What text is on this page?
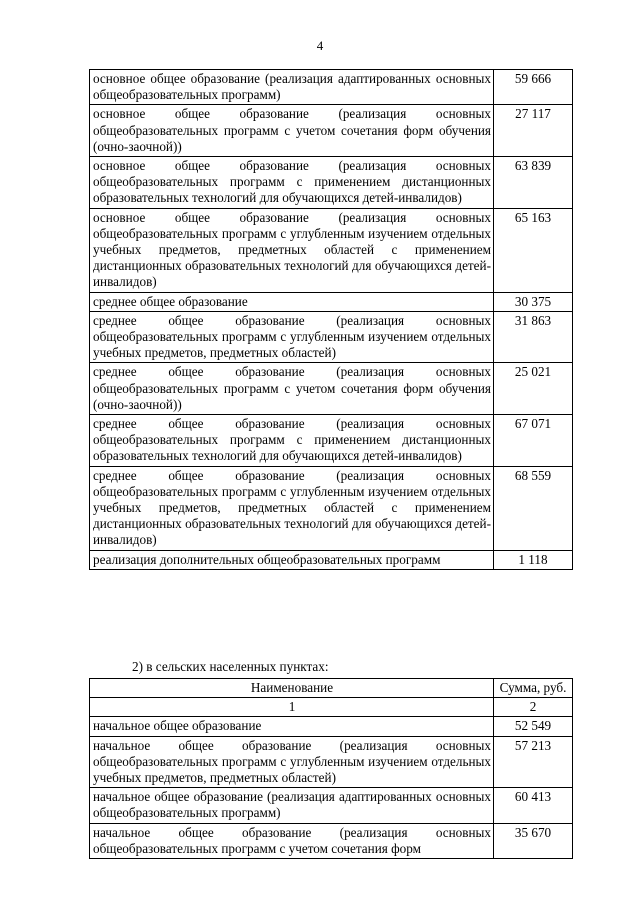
4
основное общее образование (реализация адаптированных основных общеобразовательных программ)	59 666
основное общее образование (реализация основных общеобразовательных программ с учетом сочетания форм обучения (очно-заочной))	27 117
основное общее образование (реализация основных общеобразовательных программ с применением дистанционных образовательных технологий для обучающихся детей-инвалидов)	63 839
основное общее образование (реализация основных общеобразовательных программ с углубленным изучением отдельных учебных предметов, предметных областей с применением дистанционных образовательных технологий для обучающихся детей-инвалидов)	65 163
среднее общее образование	30 375
среднее общее образование (реализация основных общеобразовательных программ с углубленным изучением отдельных учебных предметов, предметных областей)	31 863
среднее общее образование (реализация основных общеобразовательных программ с учетом сочетания форм обучения (очно-заочной))	25 021
среднее общее образование (реализация основных общеобразовательных программ с применением дистанционных образовательных технологий для обучающихся детей-инвалидов)	67 071
среднее общее образование (реализация основных общеобразовательных программ с углубленным изучением отдельных учебных предметов, предметных областей с применением дистанционных образовательных технологий для обучающихся детей-инвалидов)	68 559
реализация дополнительных общеобразовательных программ	1 118
2) в сельских населенных пунктах:
Наименование	Сумма, руб.
1	2
начальное общее образование	52 549
начальное общее образование (реализация основных общеобразовательных программ с углубленным изучением отдельных учебных предметов, предметных областей)	57 213
начальное общее образование (реализация адаптированных основных общеобразовательных программ)	60 413
начальное общее образование (реализация основных общеобразовательных программ с учетом сочетания форм	35 670
